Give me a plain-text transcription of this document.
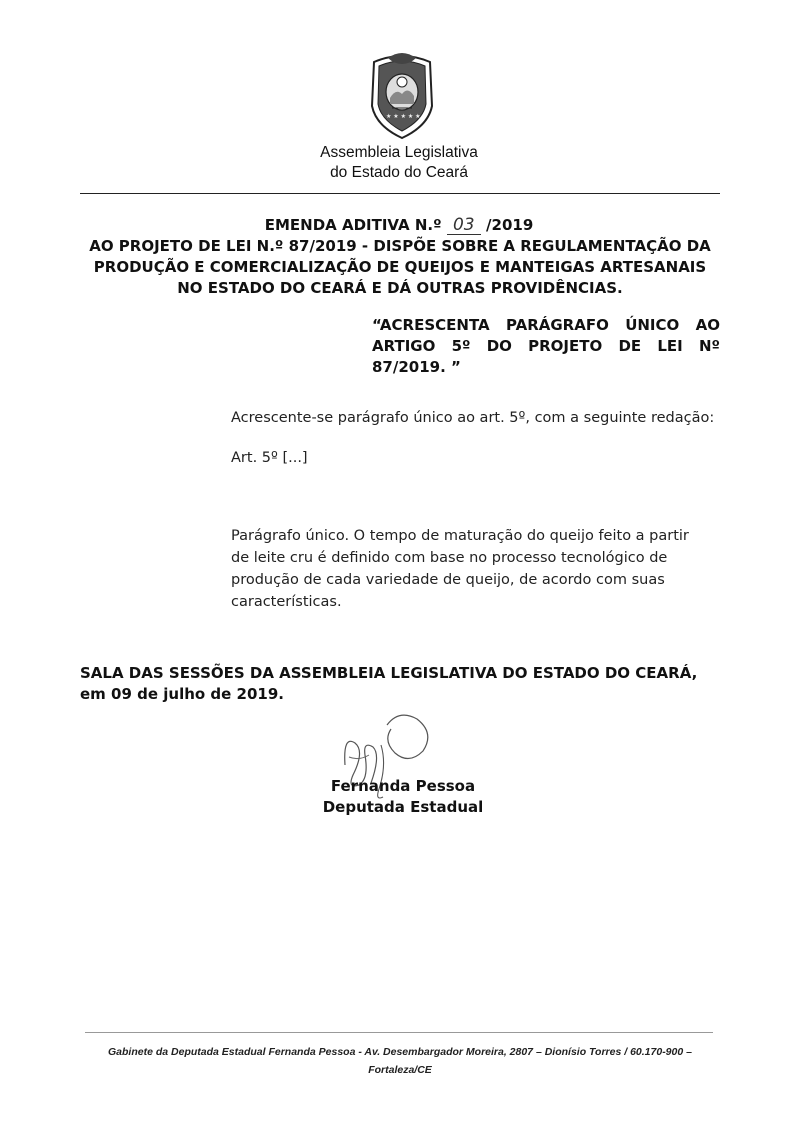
★ ★ ★ ★ ★
Assembleia Legislativa
do Estado do Ceará
EMENDA ADITIVA N.º 03 /2019
AO PROJETO DE LEI N.º 87/2019 - DISPÕE SOBRE A REGULAMENTAÇÃO DA PRODUÇÃO E COMERCIALIZAÇÃO DE QUEIJOS E MANTEIGAS ARTESANAIS NO ESTADO DO CEARÁ E DÁ OUTRAS PROVIDÊNCIAS.
“ACRESCENTA PARÁGRAFO ÚNICO AO ARTIGO 5º DO PROJETO DE LEI Nº 87/2019. ”
Acrescente-se parágrafo único ao art. 5º, com a seguinte redação:
Art. 5º [...]
Parágrafo único. O tempo de maturação do queijo feito a partir de leite cru é definido com base no processo tecnológico de produção de cada variedade de queijo, de acordo com suas características.
SALA DAS SESSÕES DA ASSEMBLEIA LEGISLATIVA DO ESTADO DO CEARÁ, em 09 de julho de 2019.
Fernanda Pessoa
Deputada Estadual
Gabinete da Deputada Estadual Fernanda Pessoa - Av. Desembargador Moreira, 2807 – Dionísio Torres / 60.170-900 –
Fortaleza/CE
